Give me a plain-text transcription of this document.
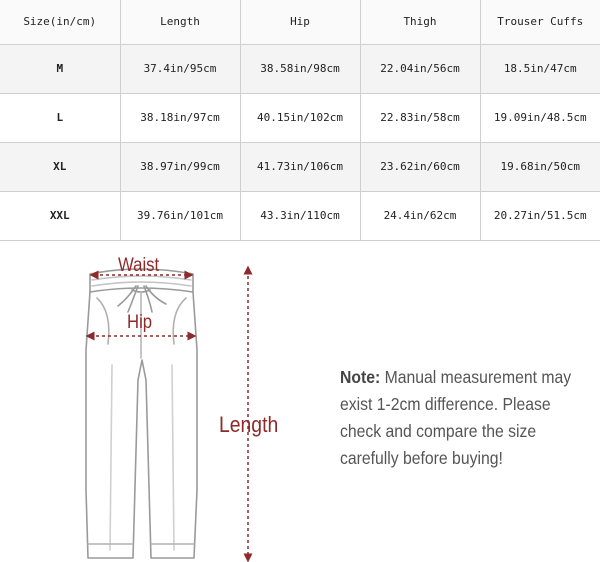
Size(in/cm)	Length	Hip	Thigh	Trouser Cuffs
M	37.4in/95cm	38.58in/98cm	22.04in/56cm	18.5in/47cm
L	38.18in/97cm	40.15in/102cm	22.83in/58cm	19.09in/48.5cm
XL	38.97in/99cm	41.73in/106cm	23.62in/60cm	19.68in/50cm
XXL	39.76in/101cm	43.3in/110cm	24.4in/62cm	20.27in/51.5cm
Waist
Hip
Length
Note: Manual measurement may exist 1-2cm difference. Please check and compare the size carefully before buying!
